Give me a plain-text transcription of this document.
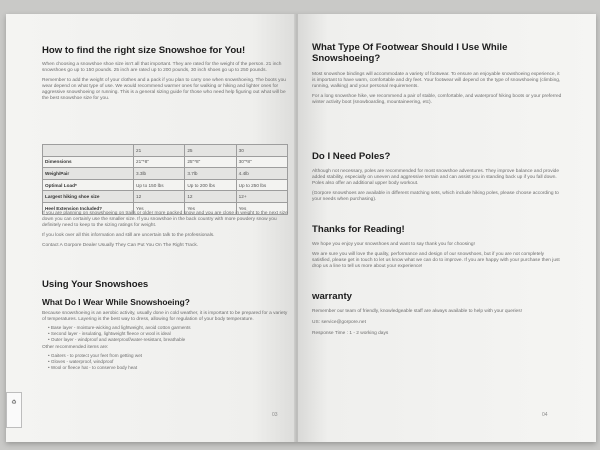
How to find the right size Snowshoe for You!

When choosing a snowshoe shoe size isn't all that important. They are rated for the weight of the person. 21 inch snowshoes go up to 150 pounds. 25 inch are rated up to 200 pounds, 30 inch shoes go up to 250 pounds.

Remember to add the weight of your clothes and a pack if you plan to carry one when snowshoeing. The boots you wear depend on what type of use. We would recommend warmer ones for walking or hiking and lighter ones for aggressive snowshoeing or running. This is a general sizing guide for those who need help figuring out what will be the best snowshoe size for you.

	21	25	30
Dimensions	21"*8"	25"*8"	30"*8"
Weigh/Pair	3.3lb	3.7lb	4.4lb
Optimal Load*	Up to 150 lbs	Up to 200 lbs	Up to 250 lbs
Largest hiking shoe size	12	12	12+
Heel Extension Included?	Yes	Yes	Yes

If you are planning on snowshoeing on trails or older more packed snow and you are close in weight to the next size down you can certainly use the smaller size. If you snowshoe in the back country with more powdery snow you definitely need to keep to the sizing ratings for weight.

If you look over all this information and still are uncertain talk to the professionals.

Contact A Gorpore Dealer Usually They Can Put You On The Right Track.

Using Your Snowshoes
What Do I Wear While Snowshoeing?

Because snowshoeing is an aerobic activity, usually done in cold weather, it is important to be prepared for a variety of temperatures. Layering is the best way to dress, allowing for regulation of your body temperature.

• Base layer - moisture-wicking and lightweight, avoid cotton garments
• Second layer - insulating, lightweight fleece or wool is ideal
• Outer layer - windproof and waterproof/water-resistant, breathable

Other recommended items are:

• Gaiters - to protect your feet from getting wet
• Gloves - waterproof, windproof
• Wool or fleece hat - to conserve body heat
♻
03
What Type Of Footwear Should I Use While Snowshoeing?

Most snowshoe bindings will accommodate a variety of footwear. To ensure an enjoyable snowshoeing experience, it is important to have warm, comfortable and dry feet. Your footwear will depend on the type of snowshoeing (climbing, running, walking) and your personal requirements.

For a long snowshoe hike, we recommend a pair of stable, comfortable, and waterproof hiking boots or your preferred winter activity boot (snowboarding, mountaineering, etc).

Do I Need Poles?

Although not necessary, poles are recommended for most snowshoe adventures. They improve balance and provide added stability, especially on uneven and aggressive terrain and can assist you in standing back up if you fall down. Poles also offer an additional upper body workout.

(Gorpore snowshoes are available in different matching sets, which include hiking poles, please choose according to your needs when purchasing).

Thanks for Reading!

We hope you enjoy your snowshoes and want to say thank you for choosing!

We are sure you will love the quality, performance and design of our snowshoes, but if you are not completely satisfied, please get in touch to let us know what we can do to improve. If you are happy with your purchase then just drop us a line to tell us more about your experience!

warranty

Remember our team of friendly, knowledgeable staff are always available to help with your queries!

US: service@gorpore.net

Response Time : 1 - 2 working days

04
